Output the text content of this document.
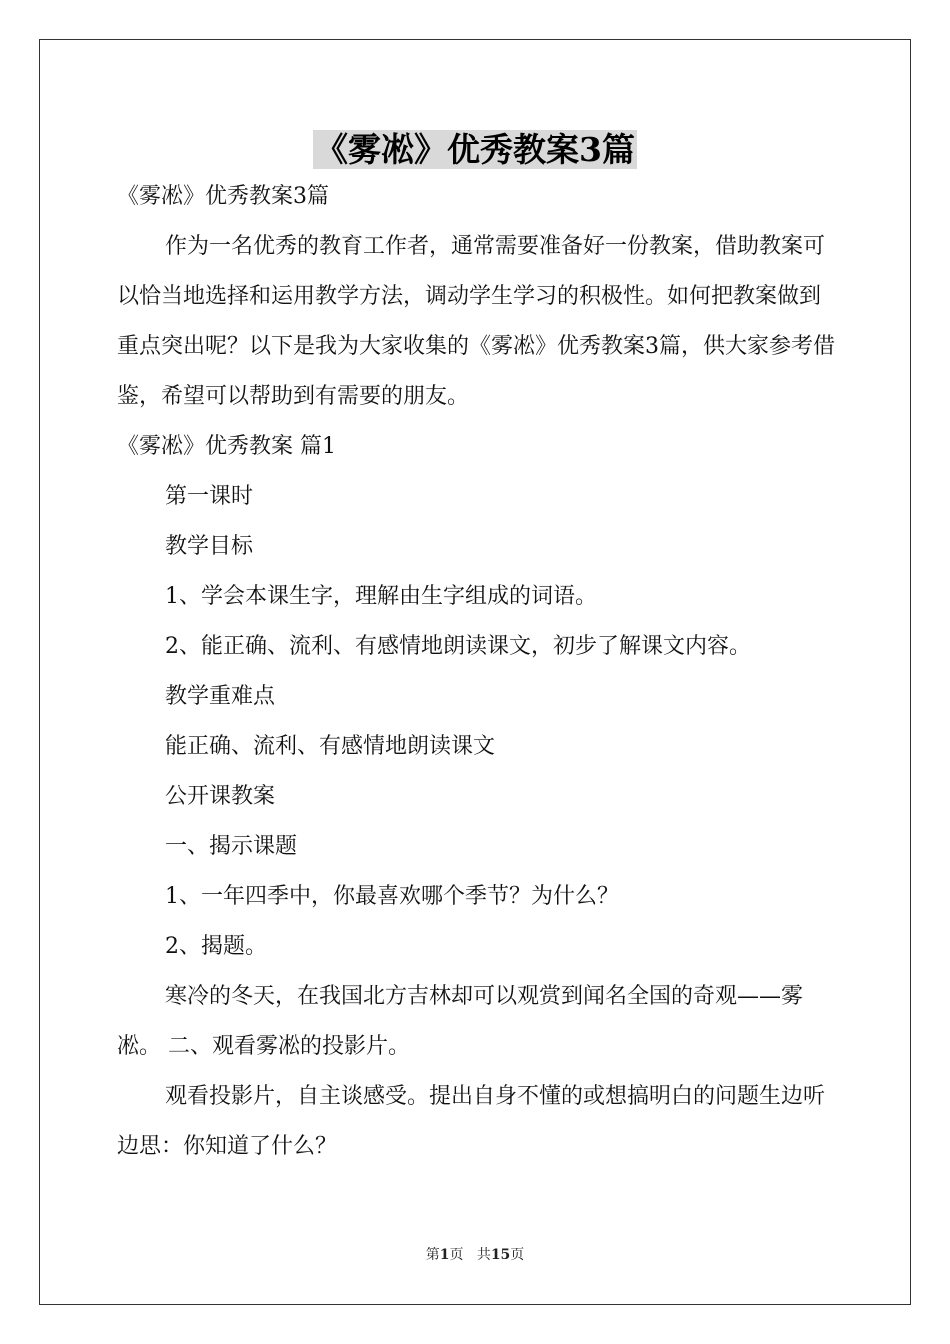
《雾凇》优秀教案3篇

《雾凇》优秀教案3篇

作为一名优秀的教育工作者，通常需要准备好一份教案，借助教案可以恰当地选择和运用教学方法，调动学生学习的积极性。如何把教案做到重点突出呢？以下是我为大家收集的《雾凇》优秀教案3篇，供大家参考借鉴，希望可以帮助到有需要的朋友。

《雾凇》优秀教案 篇1

第一课时

教学目标

1、学会本课生字，理解由生字组成的词语。

2、能正确、流利、有感情地朗读课文，初步了解课文内容。

教学重难点

能正确、流利、有感情地朗读课文

公开课教案

一、揭示课题

1、一年四季中，你最喜欢哪个季节？为什么？

2、揭题。

寒冷的冬天，在我国北方吉林却可以观赏到闻名全国的奇观——雾凇。 二、观看雾凇的投影片。

观看投影片，自主谈感受。提出自身不懂的或想搞明白的问题生边听边思：你知道了什么？

第1页 共15页
